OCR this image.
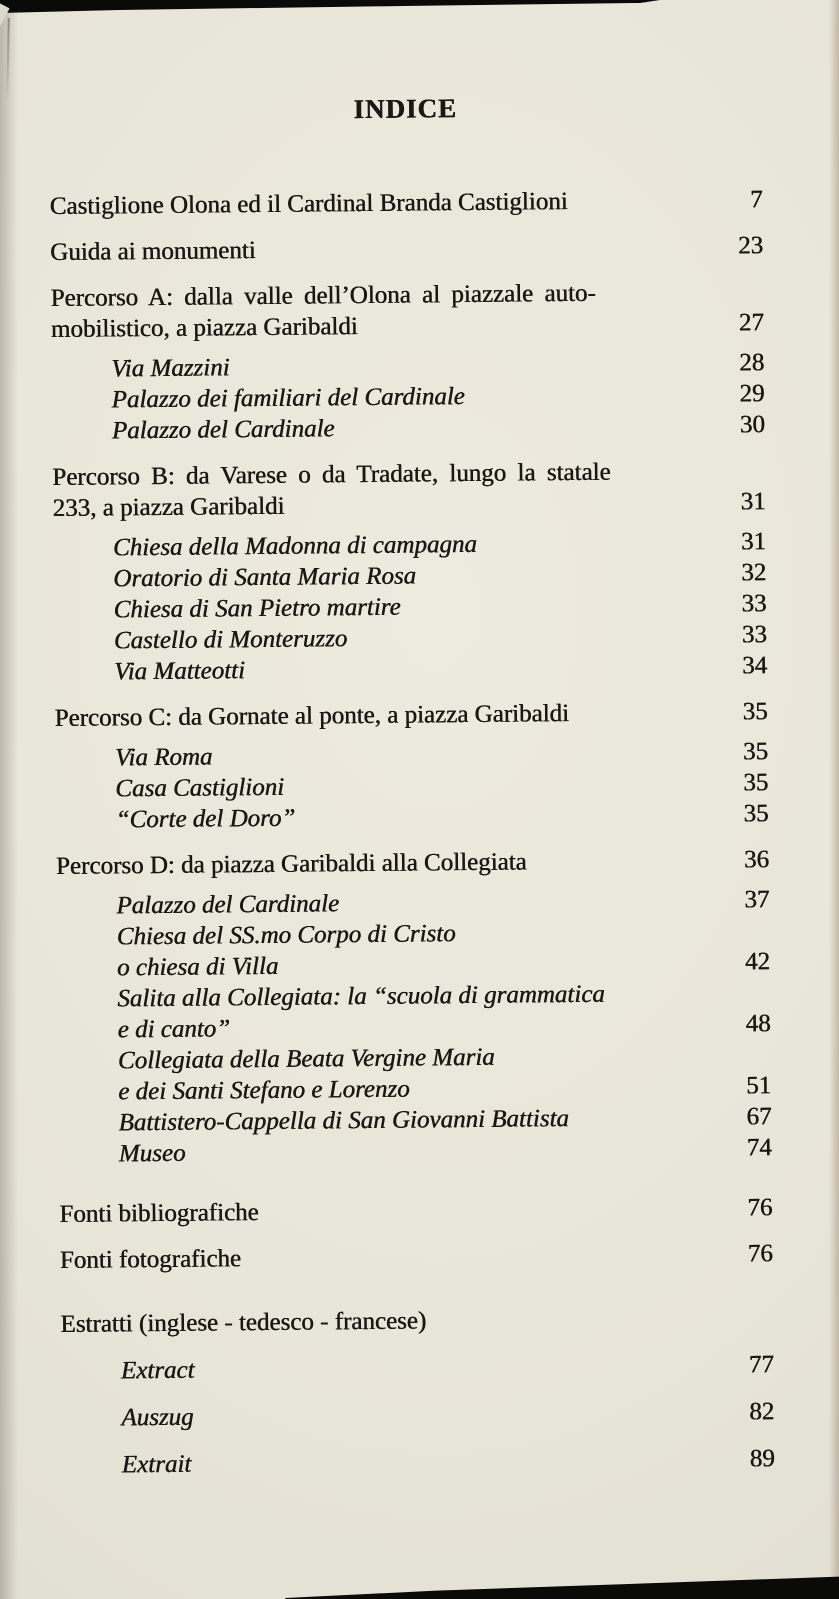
INDICE
Castiglione Olona ed il Cardinal Branda Castiglioni	7
Guida ai monumenti	23
Percorso A: dalla valle dell’Olona al piazzale auto-
mobilistico, a piazza Garibaldi	27
Via Mazzini	28
Palazzo dei familiari del Cardinale	29
Palazzo del Cardinale	30
Percorso B: da Varese o da Tradate, lungo la statale
233, a piazza Garibaldi	31
Chiesa della Madonna di campagna	31
Oratorio di Santa Maria Rosa	32
Chiesa di San Pietro martire	33
Castello di Monteruzzo	33
Via Matteotti	34
Percorso C: da Gornate al ponte, a piazza Garibaldi	35
Via Roma	35
Casa Castiglioni	35
“Corte del Doro”	35
Percorso D: da piazza Garibaldi alla Collegiata	36
Palazzo del Cardinale	37
Chiesa del SS.mo Corpo di Cristo
o chiesa di Villa	42
Salita alla Collegiata: la “scuola di grammatica
e di canto”	48
Collegiata della Beata Vergine Maria
e dei Santi Stefano e Lorenzo	51
Battistero-Cappella di San Giovanni Battista	67
Museo	74
Fonti bibliografiche	76
Fonti fotografiche	76
Estratti (inglese - tedesco - francese)
Extract	77
Auszug	82
Extrait	89
